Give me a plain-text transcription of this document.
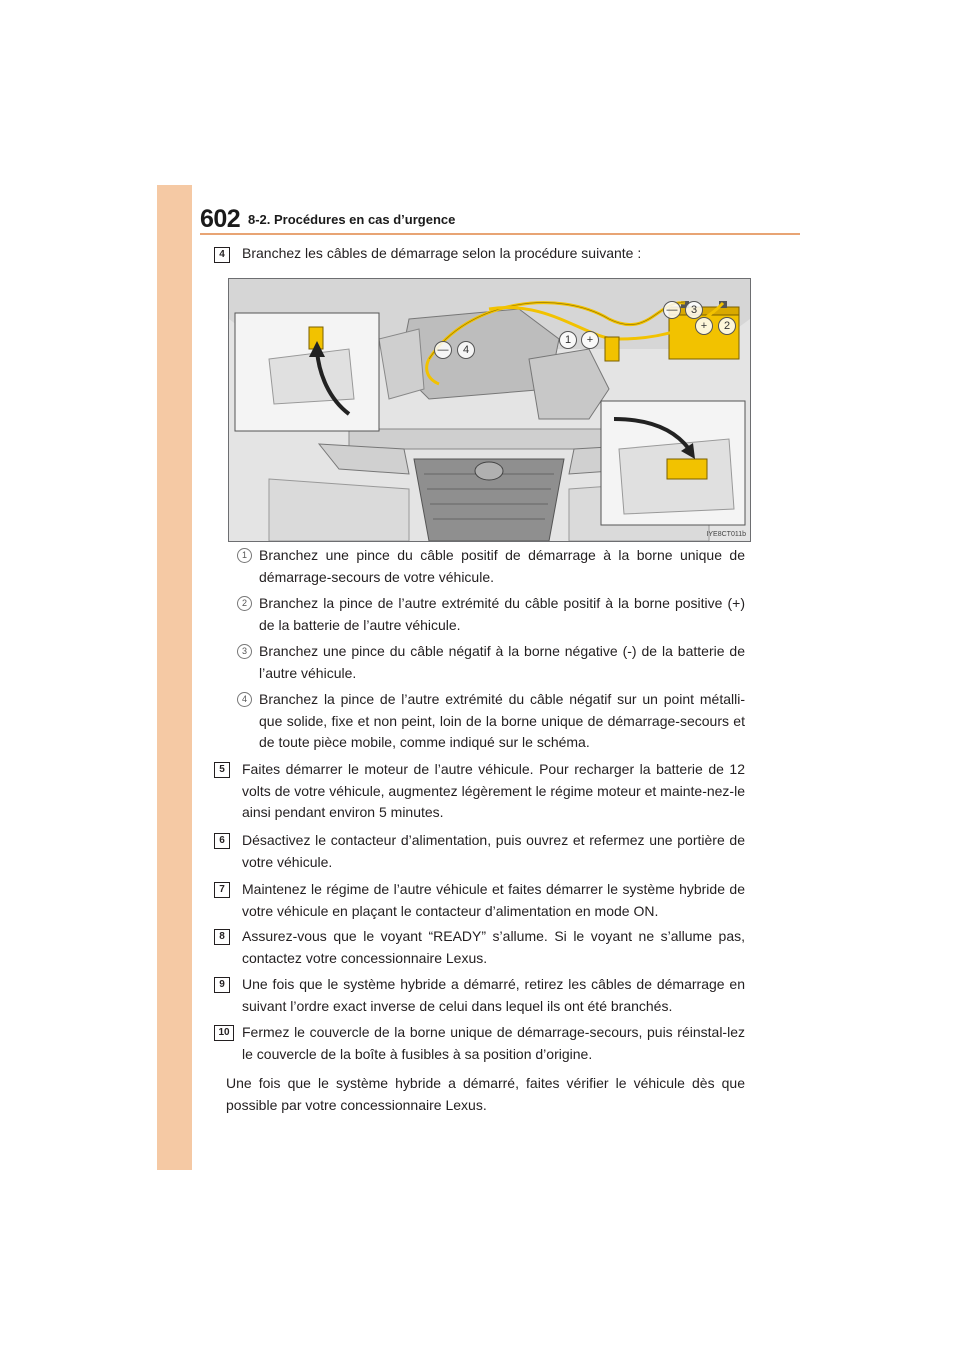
602 8-2. Procédures en cas d’urgence
4	Branchez les câbles de démarrage selon la procédure suivante :
—	3
+	2
1	+
—	4
IYE8CT011b
1 Branchez une pince du câble positif de démarrage à la borne unique de démarrage-secours de votre véhicule.
2 Branchez la pince de l’autre extrémité du câble positif à la borne positive (+) de la batterie de l’autre véhicule.
3 Branchez une pince du câble négatif à la borne négative (-) de la batterie de l’autre véhicule.
4 Branchez la pince de l’autre extrémité du câble négatif sur un point métalli-que solide, fixe et non peint, loin de la borne unique de démarrage-secours et de toute pièce mobile, comme indiqué sur le schéma.
5	Faites démarrer le moteur de l’autre véhicule. Pour recharger la batterie de 12 volts de votre véhicule, augmentez légèrement le régime moteur et mainte-nez-le ainsi pendant environ 5 minutes.
6	Désactivez le contacteur d’alimentation, puis ouvrez et refermez une portière de votre véhicule.
7	Maintenez le régime de l’autre véhicule et faites démarrer le système hybride de votre véhicule en plaçant le contacteur d’alimentation en mode ON.
8	Assurez-vous que le voyant “READY” s’allume. Si le voyant ne s’allume pas, contactez votre concessionnaire Lexus.
9	Une fois que le système hybride a démarré, retirez les câbles de démarrage en suivant l’ordre exact inverse de celui dans lequel ils ont été branchés.
10 Fermez le couvercle de la borne unique de démarrage-secours, puis réinstal-lez le couvercle de la boîte à fusibles à sa position d’origine.
Une fois que le système hybride a démarré, faites vérifier le véhicule dès que possible par votre concessionnaire Lexus.
